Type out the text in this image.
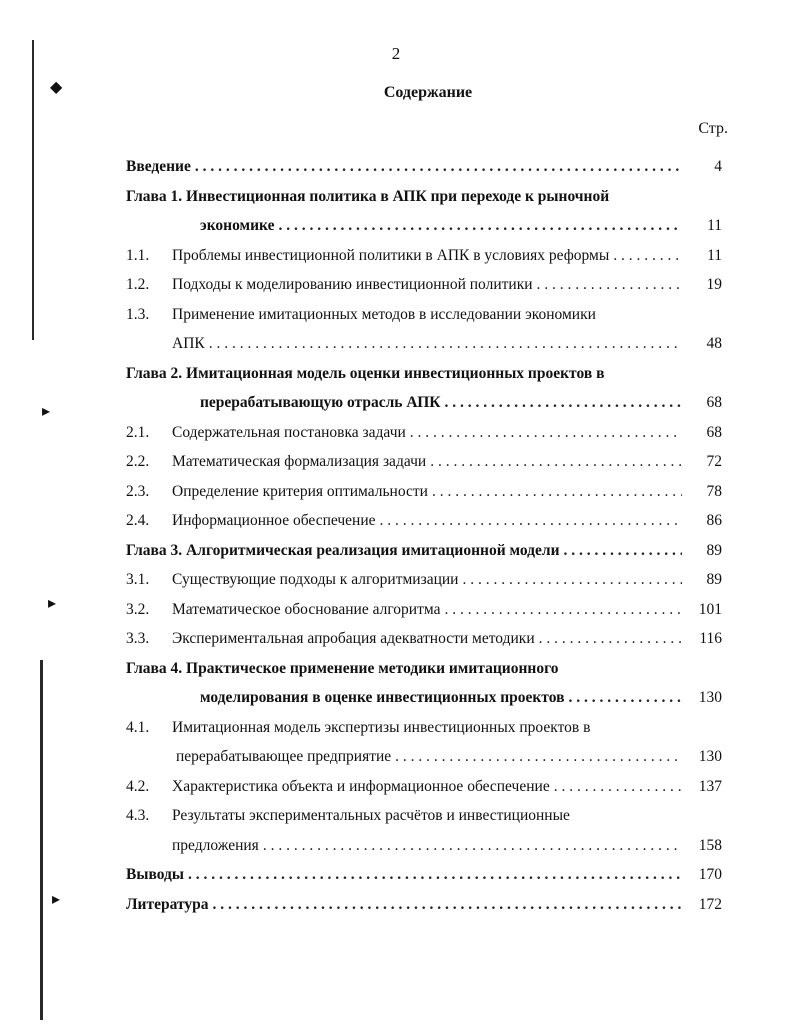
◆
▸
▸
▸
2
Содержание
Стр.
Введение . . .	4
Глава 1. Инвестиционная политика в АПК при переходе к рыночной
экономике . . .	11
1.1.	Проблемы инвестиционной политики в АПК в условиях реформы . . .	11
1.2.	Подходы к моделированию инвестиционной политики . . .	19
1.3.	Применение имитационных методов в исследовании экономики
АПК . . .	48
Глава 2. Имитационная модель оценки инвестиционных проектов в
перерабатывающую отрасль АПК . . .	68
2.1.	Содержательная постановка задачи . . .	68
2.2.	Математическая формализация задачи . . .	72
2.3.	Определение критерия оптимальности . . .	78
2.4.	Информационное обеспечение . . .	86
Глава 3. Алгоритмическая реализация имитационной модели . . .	89
3.1.	Существующие подходы к алгоритмизации . . .	89
3.2.	Математическое обоснование алгоритма . . .	101
3.3.	Экспериментальная апробация адекватности методики . . .	116
Глава 4. Практическое применение методики имитационного
моделирования в оценке инвестиционных проектов . . .	130
4.1.	Имитационная модель экспертизы инвестиционных проектов в
перерабатывающее предприятие . . .	130
4.2.	Характеристика объекта и информационное обеспечение . . .	137
4.3.	Результаты экспериментальных расчётов и инвестиционные
предложения . . .	158
Выводы . . .	170
Литература . . .	172
